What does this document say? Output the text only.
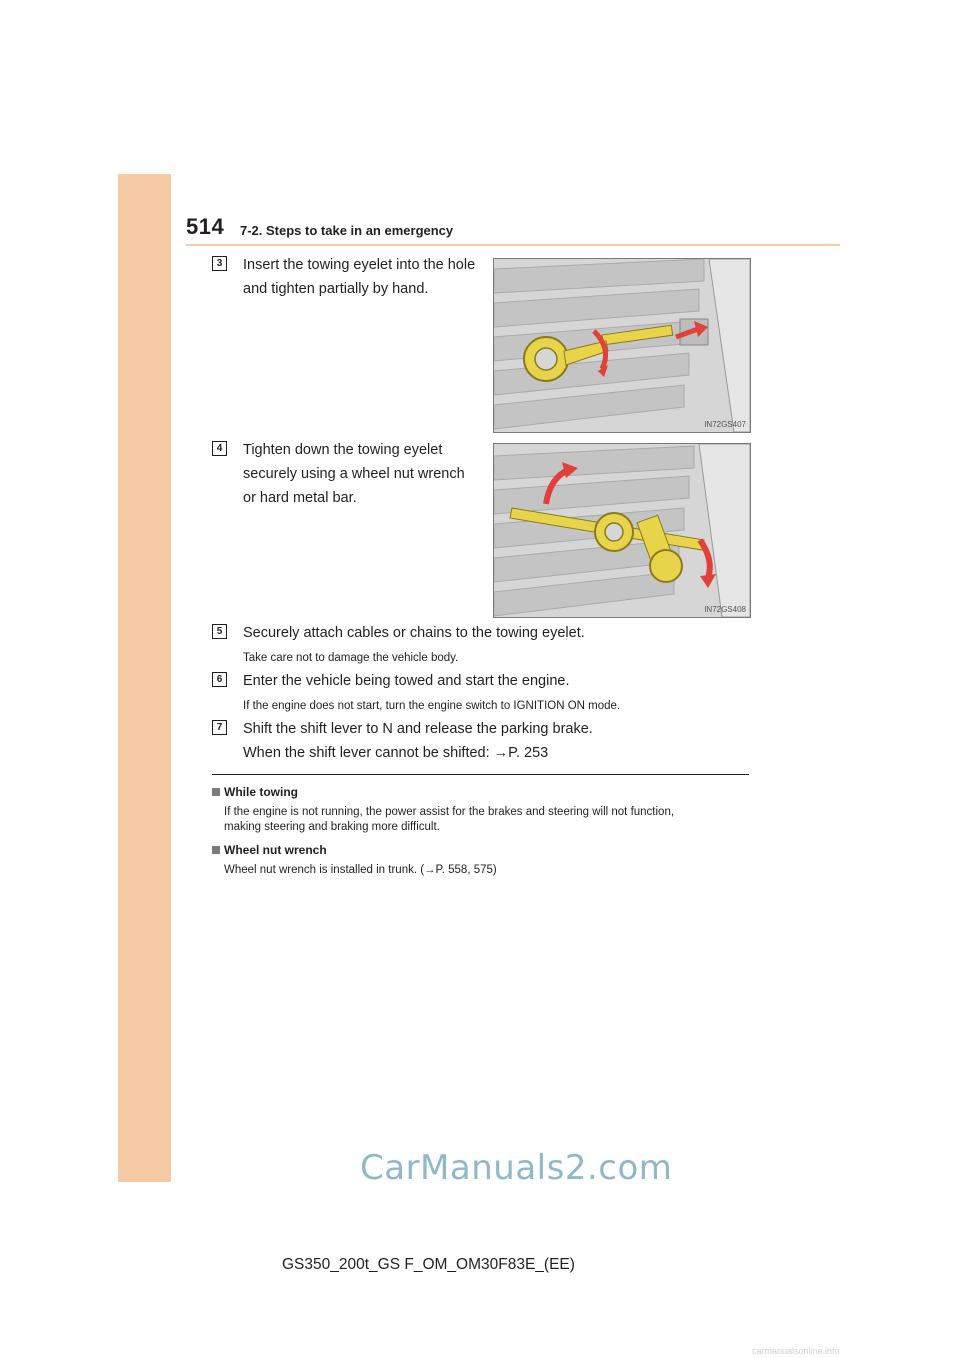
514 7-2. Steps to take in an emergency
3	Insert the towing eyelet into the hole
and tighten partially by hand.
IN72GS407
4	Tighten down the towing eyelet
securely using a wheel nut wrench
or hard metal bar.
IN72GS408
5	Securely attach cables or chains to the towing eyelet.
Take care not to damage the vehicle body.
6	Enter the vehicle being towed and start the engine.
If the engine does not start, turn the engine switch to IGNITION ON mode.
7	Shift the shift lever to N and release the parking brake.
When the shift lever cannot be shifted: →P. 253
While towing
If the engine is not running, the power assist for the brakes and steering will not function,
making steering and braking more difficult.
Wheel nut wrench
Wheel nut wrench is installed in trunk. (→P. 558, 575)
CarManuals2.com
GS350_200t_GS F_OM_OM30F83E_(EE)
carmanualsonline.info
